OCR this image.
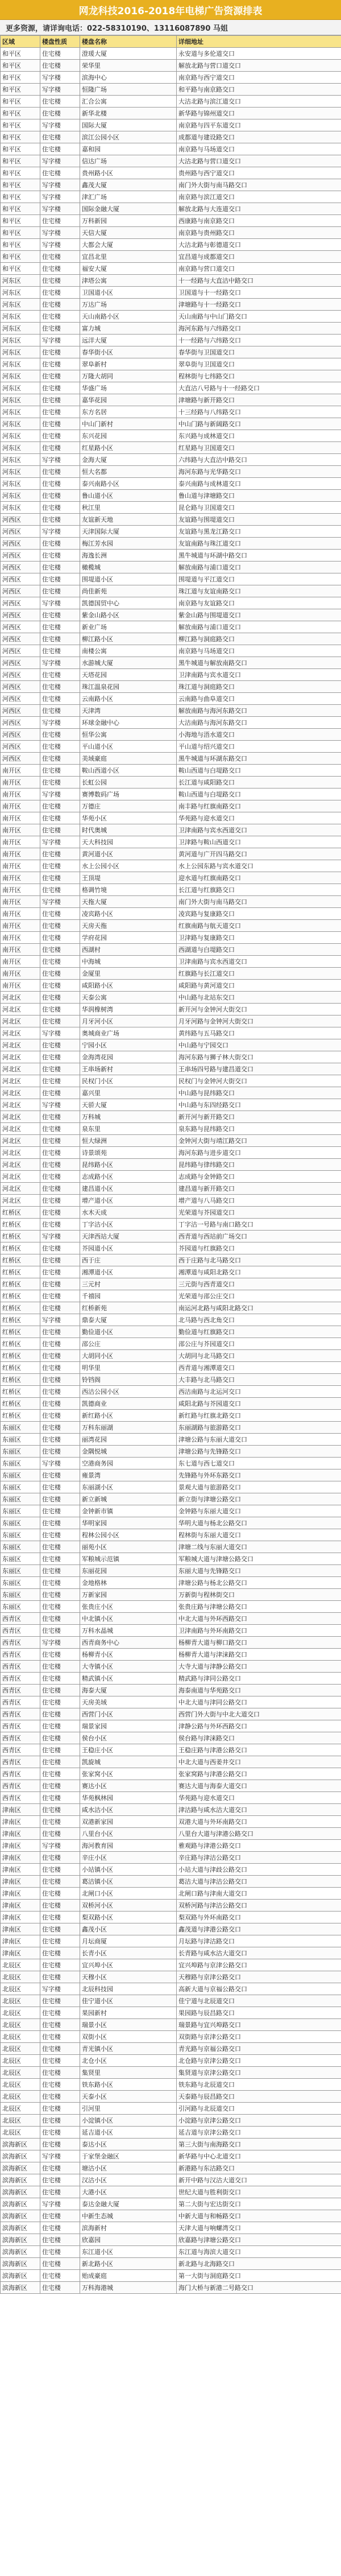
网龙科技2016-2018年电梯广告资源排表
更多资源，请详询电话：022-58310190、13116087890 马姐
区域	楼盘性质	楼盘名称	详细地址
和平区	住宅楼	澄瑗大厦	永安道与多伦道交口
和平区	住宅楼	荣华里	解放北路与营口道交口
和平区	写字楼	滨海中心	南京路与西宁道交口
和平区	写字楼	恒隆广场	和平路与南京路交口
和平区	住宅楼	汇合公寓	大沽北路与滨江道交口
和平区	住宅楼	新华北楼	新华路与锦州道交口
和平区	写字楼	国际大厦	南京路与四平东道交口
和平区	住宅楼	滨江公园小区	成都道与建设路交口
和平区	住宅楼	嘉和园	南京路与马场道交口
和平区	写字楼	信达广场	大沽北路与营口道交口
和平区	住宅楼	贵州路小区	贵州路与西宁道交口
和平区	写字楼	鑫茂大厦	南门外大街与南马路交口
和平区	写字楼	津汇广场	南京路与滨江道交口
和平区	写字楼	国际金融大厦	解放北路与大连道交口
和平区	住宅楼	万科新园	西康路与南京路交口
和平区	写字楼	天信大厦	南京路与贵州路交口
和平区	写字楼	大都会大厦	大沽北路与彰德道交口
和平区	住宅楼	宜昌北里	宜昌道与成都道交口
和平区	住宅楼	福安大厦	南京路与营口道交口
河东区	住宅楼	津塔公寓	十一经路与大直沽中路交口
河东区	住宅楼	卫国道小区	卫国道与十一经路交口
河东区	住宅楼	万达广场	津塘路与十一经路交口
河东区	住宅楼	天山南路小区	天山南路与中山门路交口
河东区	住宅楼	富力城	海河东路与六纬路交口
河东区	写字楼	远洋大厦	十一经路与六纬路交口
河东区	住宅楼	春华街小区	春华街与卫国道交口
河东区	住宅楼	翠阜新村	翠阜街与卫国道交口
河东区	住宅楼	万隆大胡同	程林街与七纬路交口
河东区	住宅楼	华盛广场	大直沽八号路与十一经路交口
河东区	住宅楼	嘉华花园	津塘路与新开路交口
河东区	住宅楼	东方名居	十三经路与八纬路交口
河东区	住宅楼	中山门新村	中山门路与新阔路交口
河东区	住宅楼	东兴花园	东兴路与成林道交口
河东区	住宅楼	红星路小区	红星路与卫国道交口
河东区	写字楼	金海大厦	六纬路与大直沽中路交口
河东区	住宅楼	恒大名都	海河东路与光华路交口
河东区	住宅楼	泰兴南路小区	泰兴南路与成林道交口
河东区	住宅楼	鲁山道小区	鲁山道与津塘路交口
河东区	住宅楼	秋江里	昆仑路与卫国道交口
河西区	住宅楼	友谊新天地	友谊路与围堤道交口
河西区	写字楼	天津国际大厦	友谊路与黑龙江路交口
河西区	住宅楼	梅江芳水园	友谊南路与珠江道交口
河西区	住宅楼	海逸长洲	黑牛城道与环湖中路交口
河西区	住宅楼	橄榄城	解放南路与浦口道交口
河西区	住宅楼	围堤道小区	围堤道与平江道交口
河西区	住宅楼	尚佳新苑	珠江道与友谊南路交口
河西区	写字楼	凯德国贸中心	南京路与友谊路交口
河西区	住宅楼	紫金山路小区	紫金山路与围堤道交口
河西区	住宅楼	新业广场	解放南路与浦口道交口
河西区	住宅楼	柳江路小区	柳江路与洞庭路交口
河西区	住宅楼	南楼公寓	南京路与马场道交口
河西区	写字楼	水游城大厦	黑牛城道与解放南路交口
河西区	住宅楼	天塔花园	卫津南路与宾水道交口
河西区	住宅楼	珠江温泉花园	珠江道与洞庭路交口
河西区	住宅楼	云南路小区	云南路与曲阜道交口
河西区	住宅楼	天津湾	解放南路与海河东路交口
河西区	写字楼	环球金融中心	大沽南路与海河东路交口
河西区	住宅楼	恒华公寓	小海地与浯水道交口
河西区	住宅楼	平山道小区	平山道与绍兴道交口
河西区	住宅楼	美域豪庭	黑牛城道与环湖东路交口
南开区	住宅楼	鞍山西道小区	鞍山西道与白堤路交口
南开区	住宅楼	长虹公园	长江道与咸阳路交口
南开区	写字楼	赛博数码广场	鞍山西道与白堤路交口
南开区	住宅楼	万德庄	南丰路与红旗南路交口
南开区	住宅楼	华苑小区	华苑路与迎水道交口
南开区	住宅楼	时代奥城	卫津南路与宾水西道交口
南开区	写字楼	天大科技园	卫津路与鞍山西道交口
南开区	住宅楼	黄河道小区	黄河道与广开四马路交口
南开区	住宅楼	水上公园小区	水上公园东路与宾水道交口
南开区	住宅楼	王顶堤	迎水道与红旗南路交口
南开区	住宅楼	格调竹境	长江道与红旗路交口
南开区	写字楼	天拖大厦	南门外大街与南马路交口
南开区	住宅楼	凌宾路小区	凌宾路与复康路交口
南开区	住宅楼	天房天拖	红旗南路与航天道交口
南开区	住宅楼	学府花园	卫津路与复康路交口
南开区	住宅楼	西湖村	西湖道与白堤路交口
南开区	住宅楼	中海城	卫津南路与宾水西道交口
南开区	住宅楼	金厦里	红旗路与长江道交口
南开区	住宅楼	咸阳路小区	咸阳路与黄河道交口
河北区	住宅楼	天泰公寓	中山路与北站东交口
河北区	住宅楼	华润橡树湾	新开河与金钟河大街交口
河北区	住宅楼	月牙河小区	月牙河路与金钟河大街交口
河北区	写字楼	奥城商业广场	黄纬路与五马路交口
河北区	住宅楼	宁园小区	中山路与宁园交口
河北区	住宅楼	金海湾花园	海河东路与狮子林大街交口
河北区	住宅楼	王串场新村	王串场四号路与建昌道交口
河北区	住宅楼	民权门小区	民权门与金钟河大街交口
河北区	住宅楼	嘉兴里	中山路与昆纬路交口
河北区	写字楼	天骄大厦	中山路与东四经路交口
河北区	住宅楼	万科城	新开河与新开路交口
河北区	住宅楼	泉东里	泉东路与昆纬路交口
河北区	住宅楼	恒大绿洲	金钟河大街与靖江路交口
河北区	住宅楼	诗景颂苑	海河东路与进步道交口
河北区	住宅楼	昆纬路小区	昆纬路与律纬路交口
河北区	住宅楼	志成路小区	志成路与金钟路交口
河北区	住宅楼	建昌道小区	建昌道与新开路交口
河北区	住宅楼	增产道小区	增产道与八马路交口
红桥区	住宅楼	水木天成	光荣道与芥园道交口
红桥区	住宅楼	丁字沽小区	丁字沽一号路与南口路交口
红桥区	写字楼	天津西站大厦	西青道与西站前广场交口
红桥区	住宅楼	芥园道小区	芥园道与红旗路交口
红桥区	住宅楼	西于庄	西于庄路与北马路交口
红桥区	住宅楼	湘潭道小区	湘潭道与咸阳北路交口
红桥区	住宅楼	三元村	三元街与西青道交口
红桥区	住宅楼	千禧园	光荣道与邵公庄交口
红桥区	住宅楼	红桥新苑	南运河北路与咸阳北路交口
红桥区	写字楼	鼎泰大厦	北马路与西北角交口
红桥区	住宅楼	勤俭道小区	勤俭道与红旗路交口
红桥区	住宅楼	邵公庄	邵公庄与芥园道交口
红桥区	住宅楼	大胡同小区	大胡同与北马路交口
红桥区	住宅楼	明华里	西青道与湘潭道交口
红桥区	住宅楼	铃铛阁	大丰路与北马路交口
红桥区	住宅楼	西沽公园小区	西沽南路与北运河交口
红桥区	住宅楼	凯德商业	咸阳北路与芥园道交口
红桥区	住宅楼	新红路小区	新红路与红旗北路交口
东丽区	住宅楼	万科东丽湖	东丽湖路与旅游路交口
东丽区	住宅楼	丽湾花园	津塘公路与东丽大道交口
东丽区	住宅楼	金隅悦城	津塘公路与先锋路交口
东丽区	写字楼	空港商务园	东七道与西七道交口
东丽区	住宅楼	雍景湾	先锋路与外环东路交口
东丽区	住宅楼	东丽湖小区	景观大道与旅游路交口
东丽区	住宅楼	新立新城	新立街与津塘公路交口
东丽区	住宅楼	金钟新市镇	金钟路与东丽大道交口
东丽区	住宅楼	华明家园	华明大道与杨北公路交口
东丽区	住宅楼	程林公园小区	程林街与东丽大道交口
东丽区	住宅楼	丽苑小区	津塘二线与东丽大道交口
东丽区	住宅楼	军粮城示范镇	军粮城大道与津塘公路交口
东丽区	住宅楼	东丽花园	东丽大道与先锋路交口
东丽区	住宅楼	金地格林	津塘公路与杨北公路交口
东丽区	住宅楼	万新家园	万新街与程林街交口
东丽区	住宅楼	张贵庄小区	张贵庄路与津塘公路交口
西青区	住宅楼	中北镇小区	中北大道与外环西路交口
西青区	住宅楼	万科水晶城	卫津南路与外环南路交口
西青区	写字楼	西青商务中心	杨柳青大道与柳口路交口
西青区	住宅楼	杨柳青小区	杨柳青大道与津涞路交口
西青区	住宅楼	大寺镇小区	大寺大道与津静公路交口
西青区	住宅楼	精武镇小区	精武路与津同公路交口
西青区	住宅楼	海泰大厦	海泰南道与华苑路交口
西青区	住宅楼	天房美域	中北大道与津同公路交口
西青区	住宅楼	西营门小区	西营门外大街与中北大道交口
西青区	住宅楼	瑞景家园	津静公路与外环西路交口
西青区	住宅楼	侯台小区	侯台路与津涞路交口
西青区	住宅楼	王稳庄小区	王稳庄路与津港公路交口
西青区	住宅楼	凯旋城	中北大道与西姜井交口
西青区	住宅楼	张家窝小区	张家窝路与津港公路交口
西青区	住宅楼	赛达小区	赛达大道与海泰大道交口
西青区	住宅楼	华苑枫林园	华苑路与迎水道交口
津南区	住宅楼	咸水沽小区	津沽路与咸水沽大道交口
津南区	住宅楼	双港新家园	双港大道与外环南路交口
津南区	住宅楼	八里台小区	八里台大道与津港公路交口
津南区	写字楼	海河教育园	雅观路与津港公路交口
津南区	住宅楼	辛庄小区	辛庄路与津沽公路交口
津南区	住宅楼	小站镇小区	小站大道与津歧公路交口
津南区	住宅楼	葛沽镇小区	葛沽大道与津沽公路交口
津南区	住宅楼	北闸口小区	北闸口路与津南大道交口
津南区	住宅楼	双桥河小区	双桥河路与津沽公路交口
津南区	住宅楼	梨双路小区	梨双路与外环南路交口
津南区	住宅楼	鑫茂小区	鑫茂道与津港公路交口
津南区	住宅楼	月坛商厦	月坛路与津沽路交口
津南区	住宅楼	长青小区	长青路与咸水沽大道交口
北辰区	住宅楼	宜兴埠小区	宜兴埠路与京津公路交口
北辰区	住宅楼	天穆小区	天穆路与京津公路交口
北辰区	写字楼	北辰科技园	高新大道与京福公路交口
北辰区	住宅楼	佳宁道小区	佳宁道与北辰道交口
北辰区	住宅楼	果园新村	果园路与辰昌路交口
北辰区	住宅楼	瑞景小区	瑞景路与宜兴埠路交口
北辰区	住宅楼	双街小区	双街路与京津公路交口
北辰区	住宅楼	青光镇小区	青光路与京福公路交口
北辰区	住宅楼	北仓小区	北仓路与京津公路交口
北辰区	住宅楼	集贤里	集贤道与京津公路交口
北辰区	住宅楼	铁东路小区	铁东路与北辰道交口
北辰区	住宅楼	天泰小区	天泰路与辰昌路交口
北辰区	住宅楼	引河里	引河路与北辰道交口
北辰区	住宅楼	小淀镇小区	小淀路与京津公路交口
北辰区	住宅楼	延吉道小区	延吉道与京津公路交口
滨海新区	住宅楼	泰达小区	第三大街与南海路交口
滨海新区	写字楼	于家堡金融区	新华路与中心北道交口
滨海新区	住宅楼	塘沽小区	新港路与东沽路交口
滨海新区	住宅楼	汉沽小区	新开中路与汉沽大道交口
滨海新区	住宅楼	大港小区	世纪大道与胜利街交口
滨海新区	写字楼	泰达金融大厦	第二大街与宏达街交口
滨海新区	住宅楼	中新生态城	中新大道与和畅路交口
滨海新区	住宅楼	滨海新村	天津大道与响螺湾交口
滨海新区	住宅楼	欣嘉园	欣嘉路与津塘公路交口
滨海新区	住宅楼	东江道小区	东江道与海滨大道交口
滨海新区	住宅楼	新北路小区	新北路与北海路交口
滨海新区	住宅楼	贻成豪庭	第一大街与洞庭路交口
滨海新区	住宅楼	万科海港城	海门大桥与新港二号路交口
